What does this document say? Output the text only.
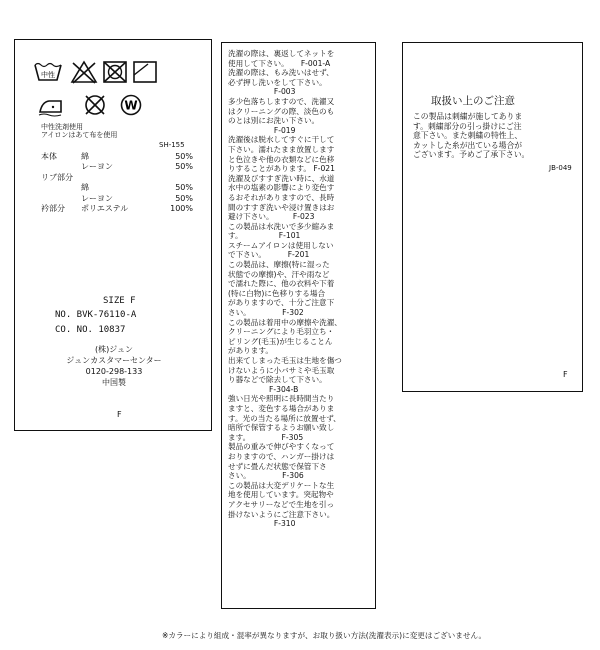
中性
W
中性洗剤使用
アイロンはあて布を使用
SH-155
本体	綿	50%
レーヨン	50%
リブ部分
綿	50%
レーヨン	50%
衿部分 ポリエステル	100%
SIZE F
NO. BVK-76110-A
CO. NO. 10837
(株)ジュン
ジュンカスタマーセンター
0120-298-133
中国製
F
洗濯の際は、裏返してネットを
使用して下さい。     F-001-A
洗濯の際は、もみ洗いはせず、
必ず押し洗いをして下さい。
F-003
多少色落ちしますので、洗濯又
はクリーニングの際、淡色のも
のとは別にお洗い下さい。
F-019
洗濯後は脱水してすぐに干して
下さい。濡れたまま放置します
と色泣きや他の衣類などに色移
りすることがあります。 F-021
洗濯及びすすぎ洗い時に、水道
水中の塩素の影響により変色す
るおそれがありますので、長時
間のすすぎ洗いや浸け置きはお
避け下さい。        F-023
この製品は水洗いで多少縮みま
す。               F-101
スチームアイロンは使用しない
で下さい。         F-201
この製品は、摩擦(特に湿った
状態での摩擦)や、汗や雨など
で濡れた際に、他の衣料や下着
(特に白物)に色移りする場合
がありますので、十分ご注意下
さい。             F-302
この製品は着用中の摩擦や洗濯、
クリーニングにより毛羽立ち・
ピリング(毛玉)が生じることん
があります。
出来てしまった毛玉は生地を傷つ
けないように小バサミや毛玉取
り器などで除去して下さい。
F-304-B
強い日光や照明に長時間当たり
ますと、変色する場合がありま
す。光の当たる場所に放置せず、
暗所で保管するようお願い致し
ます。             F-305
製品の重みで伸びやすくなって
おりますので、ハンガー掛けは
せずに畳んだ状態で保管下さ
さい。             F-306
この製品は大変デリケートな生
地を使用しています。突起物や
アクセサリーなどで生地を引っ
掛けないようにご注意下さい。
F-310
取扱い上のご注意
この製品は刺繍が施してありま
す。刺繍部分の引っ掛けにご注
意下さい。また刺繍の特性上、
カットした糸が出ている場合が
ございます。予めご了承下さい。
JB-049
F
※カラーにより組成・混率が異なりますが、お取り扱い方法(洗濯表示)に変更はございません。
